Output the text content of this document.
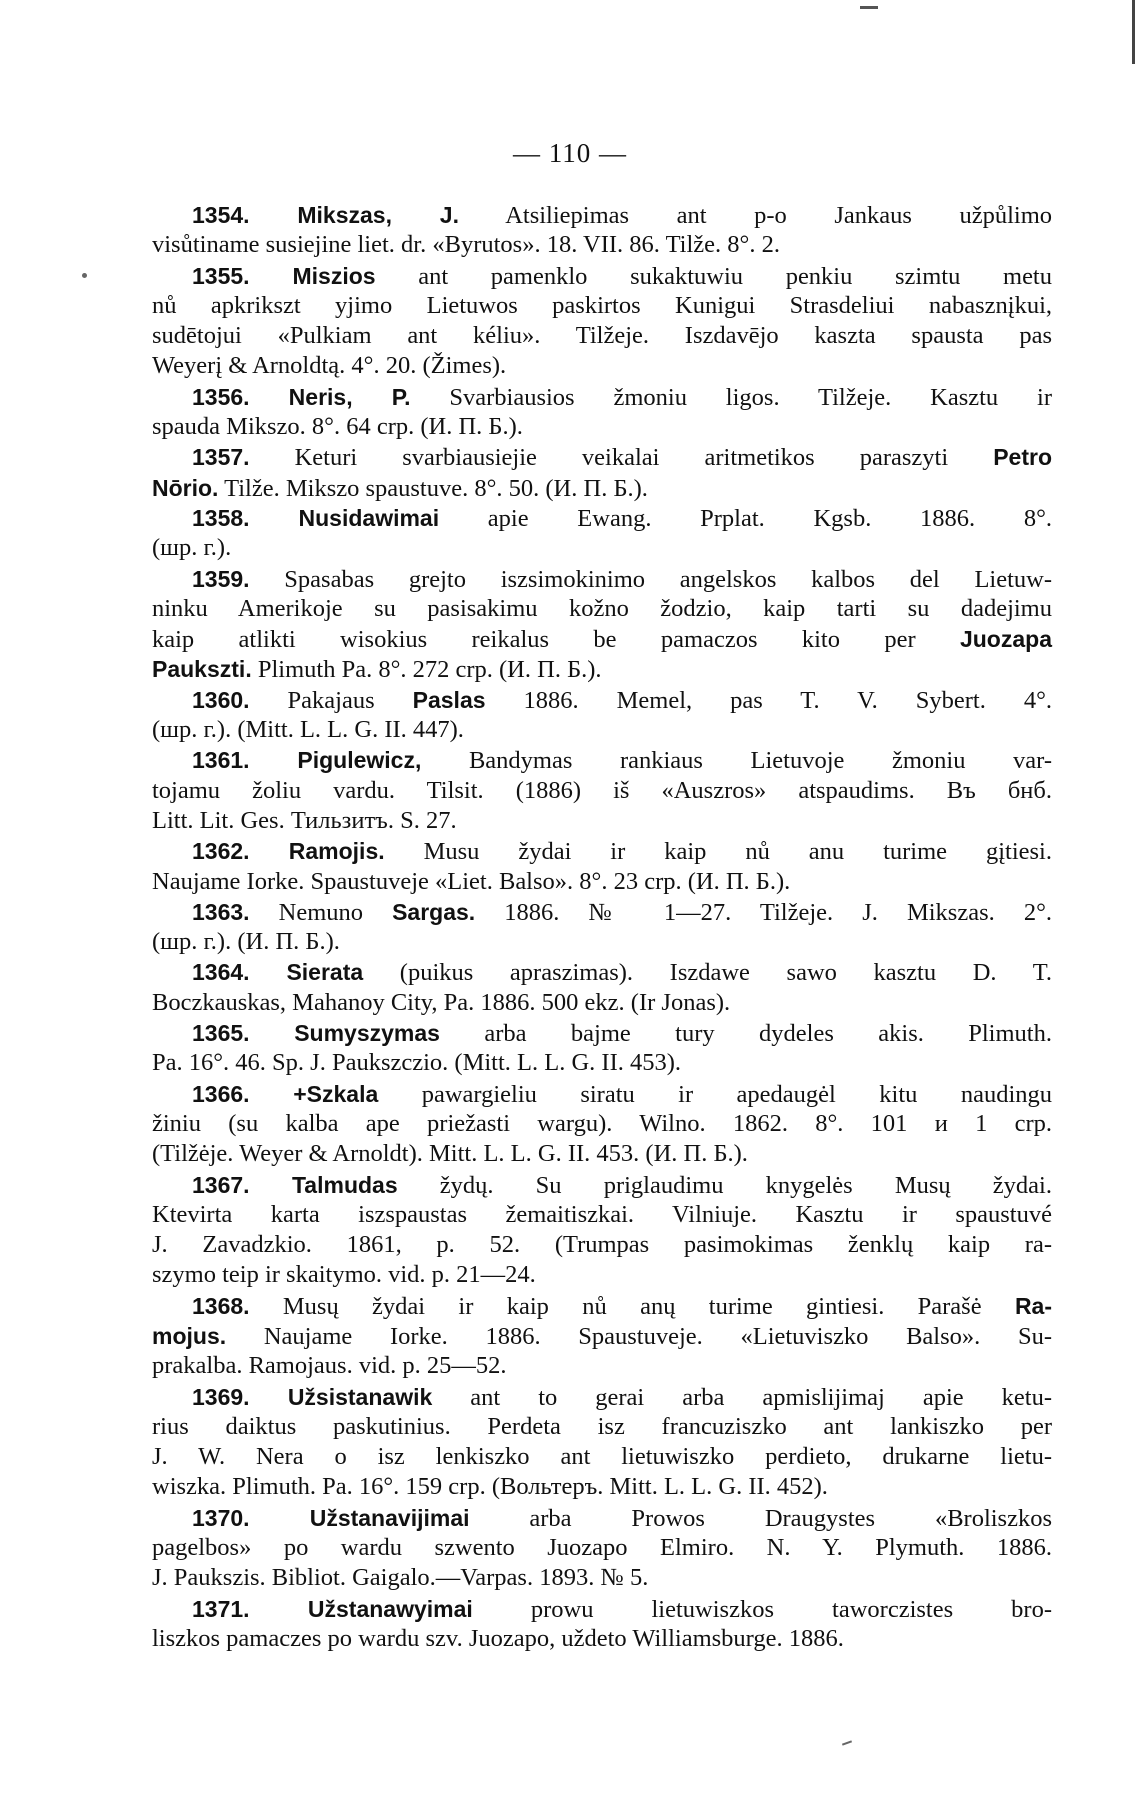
— 110 —
1354. Mikszas, J. Atsiliepimas ant p-o Jankaus užpůlimo
visůtiname susiejine liet. dr. «Byrutos». 18. VII. 86. Tilže. 8°. 2.
1355. Miszios ant pamenklo sukaktuwiu penkiu szimtu metu
nů apkrikszt yjimo Lietuwos paskirtos Kunigui Strasdeliui nabasznįkui,
sudētojui «Pulkiam ant kéliu». Tilžeje. Iszdavējo kaszta spausta pas
Weyerį & Arnoldtą. 4°. 20. (Žimes).
1356. Neris, P. Svarbiausios žmoniu ligos. Tilžeje. Kasztu ir
spauda Mikszo. 8°. 64 crp. (И. П. Б.).
1357. Keturi svarbiausiejie veikalai aritmetikos paraszyti Petro
Nōrio. Tilže. Mikszo spaustuve. 8°. 50. (И. П. Б.).
1358. Nusidawimai apie Ewang. Prplat. Kgsb. 1886. 8°.
(шр. г.).
1359. Spasabas grejto iszsimokinimo angelskos kalbos del Lietuw-
ninku Amerikoje su pasisakimu kožno žodzio, kaip tarti su dadejimu
kaip atlikti wisokius reikalus be pamaczos kito per Juozapa
Paukszti. Plimuth Pa. 8°. 272 crp. (И. П. Б.).
1360. Pakajaus Paslas 1886. Memel, pas T. V. Sybert. 4°.
(шр. г.). (Mitt. L. L. G. II. 447).
1361. Pigulewicz, Bandymas rankiaus Lietuvoje žmoniu var-
tojamu žoliu vardu. Tilsit. (1886) iš «Auszros» atspaudims. Въ бнб.
Litt. Lit. Ges. Тильзитъ. S. 27.
1362. Ramojis. Musu žydai ir kaip nů anu turime gįtiesi.
Naujame Iorke. Spaustuveje «Liet. Balso». 8°. 23 crp. (И. П. Б.).
1363. Nemuno Sargas. 1886. № 1—27. Tilžeje. J. Mikszas. 2°.
(шр. г.). (И. П. Б.).
1364. Sierata (puikus apraszimas). Iszdawe sawo kasztu D. T.
Boczkauskas, Mahanoy City, Pa. 1886. 500 ekz. (Ir Jonas).
1365. Sumyszymas arba bajme tury dydeles akis. Plimuth.
Pa. 16°. 46. Sp. J. Paukszczio. (Mitt. L. L. G. II. 453).
1366. +Szkala pawargieliu siratu ir apedaugėl kitu naudingu
žiniu (su kalba ape priežasti wargu). Wilno. 1862. 8°. 101 и 1 crp.
(Tilžėje. Weyer & Arnoldt). Mitt. L. L. G. II. 453. (И. П. Б.).
1367. Talmudas žydų. Su priglaudimu knygelės Musų žydai.
Ktevirta karta iszspaustas žemaitiszkai. Vilniuje. Kasztu ir spaustuvé
J. Zavadzkio. 1861, p. 52. (Trumpas pasimokimas ženklų kaip ra-
szymo teip ir skaitymo. vid. p. 21—24.
1368. Musų žydai ir kaip nů anų turime gintiesi. Parašė Ra-
mojus. Naujame Iorke. 1886. Spaustuveje. «Lietuviszko Balso». Su-
prakalba. Ramojaus. vid. p. 25—52.
1369. Užsistanawik ant to gerai arba apmislijimaj apie ketu-
rius daiktus paskutinius. Perdeta isz francuziszko ant lankiszko per
J. W. Nera o isz lenkiszko ant lietuwiszko perdieto, drukarne lietu-
wiszka. Plimuth. Pa. 16°. 159 crp. (Вольтеръ. Mitt. L. L. G. II. 452).
1370. Užstanavijimai arba Prowos Draugystes «Broliszkos
pagelbos» po wardu szwento Juozapo Elmiro. N. Y. Plymuth. 1886.
J. Paukszis. Bibliot. Gaigalo.—Varpas. 1893. № 5.
1371. Užstanawyimai prowu lietuwiszkos taworczistes bro-
liszkos pamaczes po wardu szv. Juozapo, uždeto Williamsburge. 1886.
